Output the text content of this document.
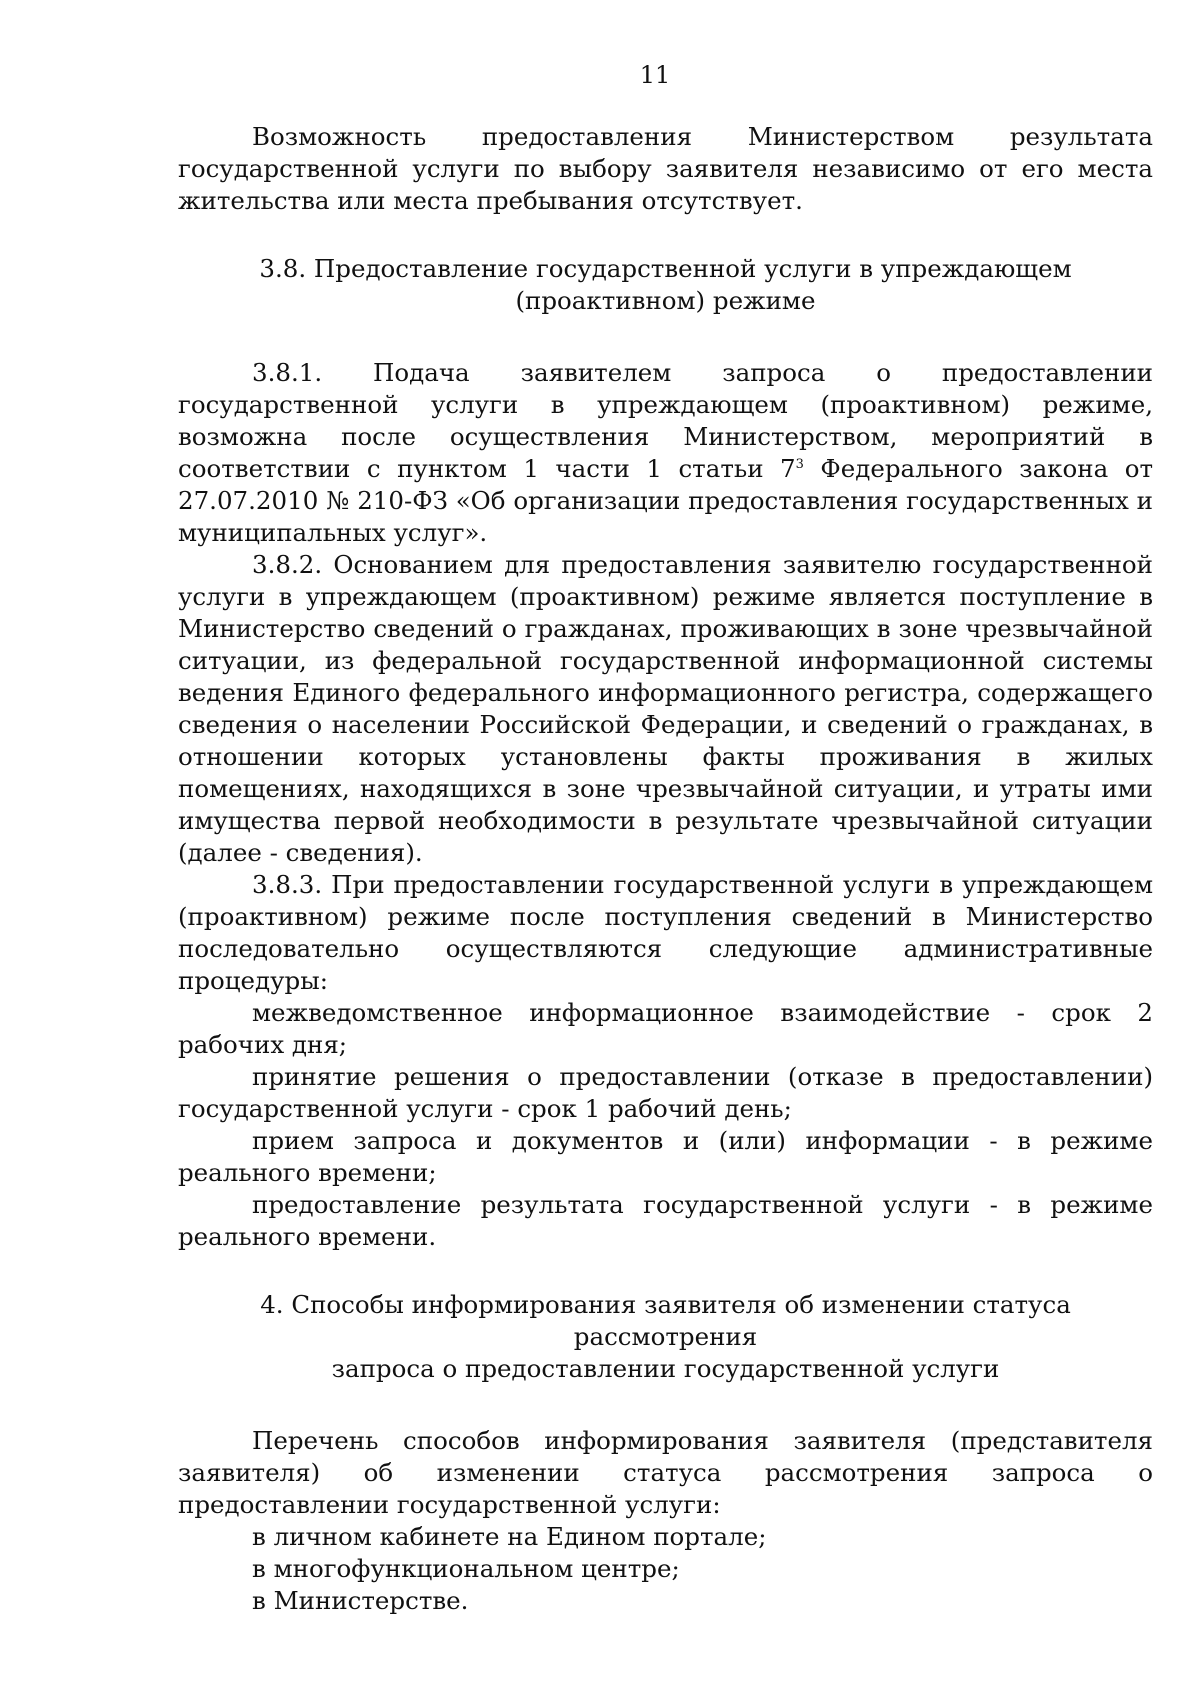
11

Возможность предоставления Министерством результата государственной услуги по выбору заявителя независимо от его места жительства или места пребывания отсутствует.

3.8. Предоставление государственной услуги в упреждающем (проактивном) режиме

3.8.1. Подача заявителем запроса о предоставлении государственной услуги в упреждающем (проактивном) режиме, возможна после осуществления Министерством, мероприятий в соответствии с пунктом 1 части 1 статьи $7^3$ Федерального закона от 27.07.2010 № 210-ФЗ «Об организации предоставления государственных и муниципальных услуг».

3.8.2. Основанием для предоставления заявителю государственной услуги в упреждающем (проактивном) режиме является поступление в Министерство сведений о гражданах, проживающих в зоне чрезвычайной ситуации, из федеральной государственной информационной системы ведения Единого федерального информационного регистра, содержащего сведения о населении Российской Федерации, и сведений о гражданах, в отношении которых установлены факты проживания в жилых помещениях, находящихся в зоне чрезвычайной ситуации, и утраты ими имущества первой необходимости в результате чрезвычайной ситуации (далее - сведения).

3.8.3. При предоставлении государственной услуги в упреждающем (проактивном) режиме после поступления сведений в Министерство последовательно осуществляются следующие административные процедуры:

межведомственное информационное взаимодействие - срок 2 рабочих дня;

принятие решения о предоставлении (отказе в предоставлении) государственной услуги - срок 1 рабочий день;

прием запроса и документов и (или) информации - в режиме реального времени;

предоставление результата государственной услуги - в режиме реального времени.

4. Способы информирования заявителя об изменении статуса рассмотрения
запроса о предоставлении государственной услуги

Перечень способов информирования заявителя (представителя заявителя) об изменении статуса рассмотрения запроса о предоставлении государственной услуги:

в личном кабинете на Едином портале;

в многофункциональном центре;

в Министерстве.
